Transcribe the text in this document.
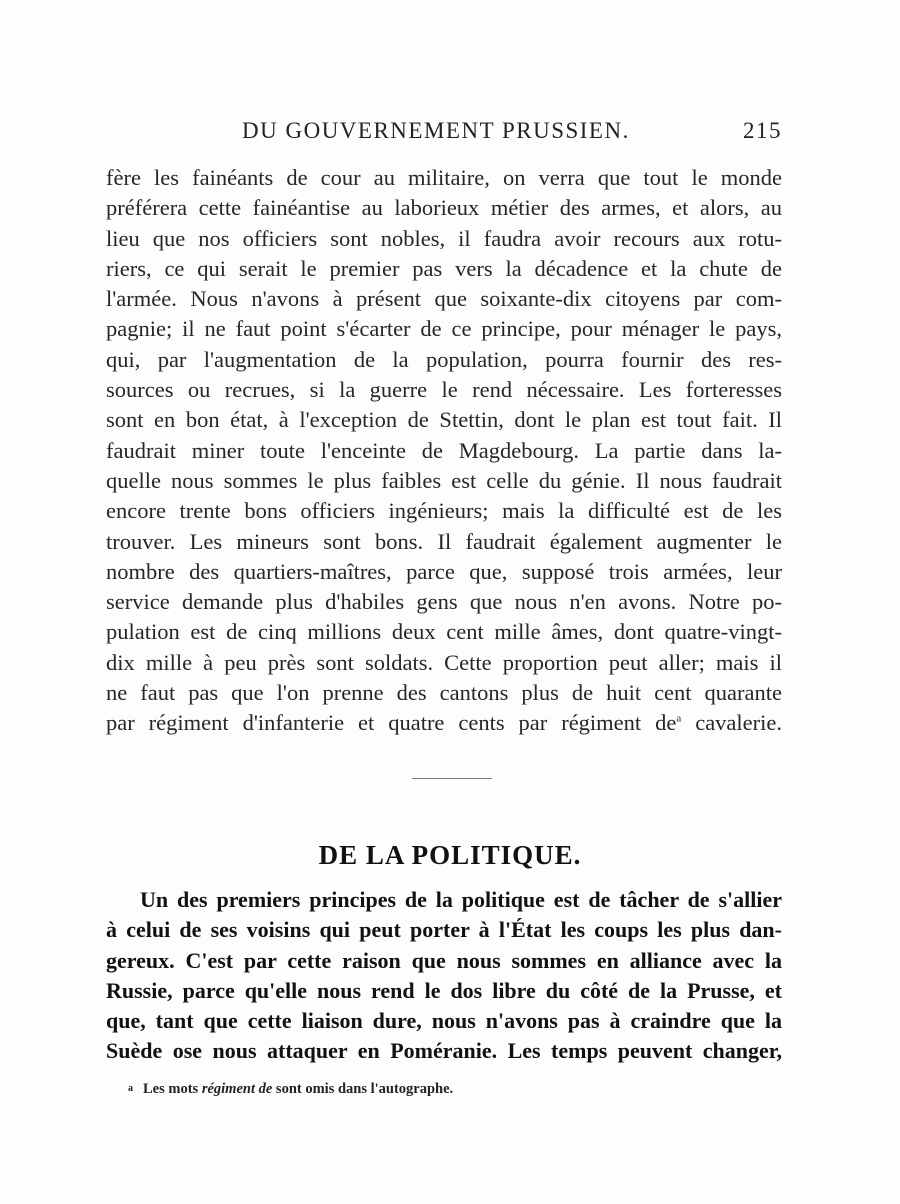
DU GOUVERNEMENT PRUSSIEN.	215
fère les fainéants de cour au militaire, on verra que tout le monde
préférera cette fainéantise au laborieux métier des armes, et alors, au
lieu que nos officiers sont nobles, il faudra avoir recours aux rotu-
riers, ce qui serait le premier pas vers la décadence et la chute de
l'armée. Nous n'avons à présent que soixante-dix citoyens par com-
pagnie; il ne faut point s'écarter de ce principe, pour ménager le pays,
qui, par l'augmentation de la population, pourra fournir des res-
sources ou recrues, si la guerre le rend nécessaire. Les forteresses
sont en bon état, à l'exception de Stettin, dont le plan est tout fait. Il
faudrait miner toute l'enceinte de Magdebourg. La partie dans la-
quelle nous sommes le plus faibles est celle du génie. Il nous faudrait
encore trente bons officiers ingénieurs; mais la difficulté est de les
trouver. Les mineurs sont bons. Il faudrait également augmenter le
nombre des quartiers-maîtres, parce que, supposé trois armées, leur
service demande plus d'habiles gens que nous n'en avons. Notre po-
pulation est de cinq millions deux cent mille âmes, dont quatre-vingt-
dix mille à peu près sont soldats. Cette proportion peut aller; mais il
ne faut pas que l'on prenne des cantons plus de huit cent quarante
par régiment d'infanterie et quatre cents par régiment de$^a$ cavalerie.
DE LA POLITIQUE.
Un des premiers principes de la politique est de tâcher de s'allier
à celui de ses voisins qui peut porter à l'État les coups les plus dan-
gereux. C'est par cette raison que nous sommes en alliance avec la
Russie, parce qu'elle nous rend le dos libre du côté de la Prusse, et
que, tant que cette liaison dure, nous n'avons pas à craindre que la
Suède ose nous attaquer en Poméranie. Les temps peuvent changer,
a Les mots régiment de sont omis dans l'autographe.
